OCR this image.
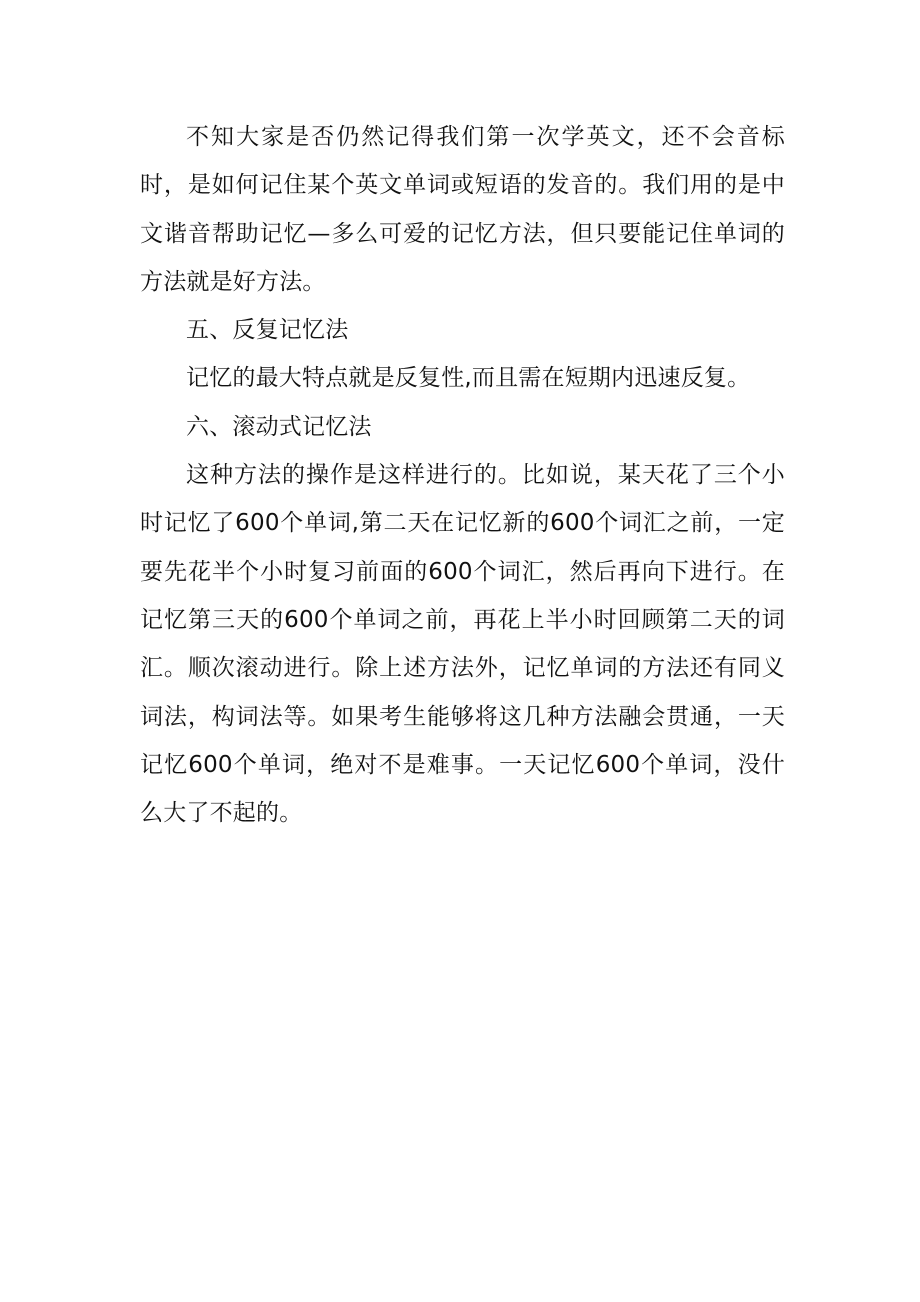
不知大家是否仍然记得我们第一次学英文，还不会音标时，是如何记住某个英文单词或短语的发音的。我们用的是中文谐音帮助记忆—多么可爱的记忆方法，但只要能记住单词的方法就是好方法。

五、反复记忆法

记忆的最大特点就是反复性,而且需在短期内迅速反复。

六、滚动式记忆法

这种方法的操作是这样进行的。比如说，某天花了三个小时记忆了600个单词,第二天在记忆新的600个词汇之前，一定要先花半个小时复习前面的600个词汇，然后再向下进行。在记忆第三天的600个单词之前，再花上半小时回顾第二天的词汇。顺次滚动进行。除上述方法外，记忆单词的方法还有同义词法，构词法等。如果考生能够将这几种方法融会贯通，一天记忆600个单词，绝对不是难事。一天记忆600个单词，没什么大了不起的。
